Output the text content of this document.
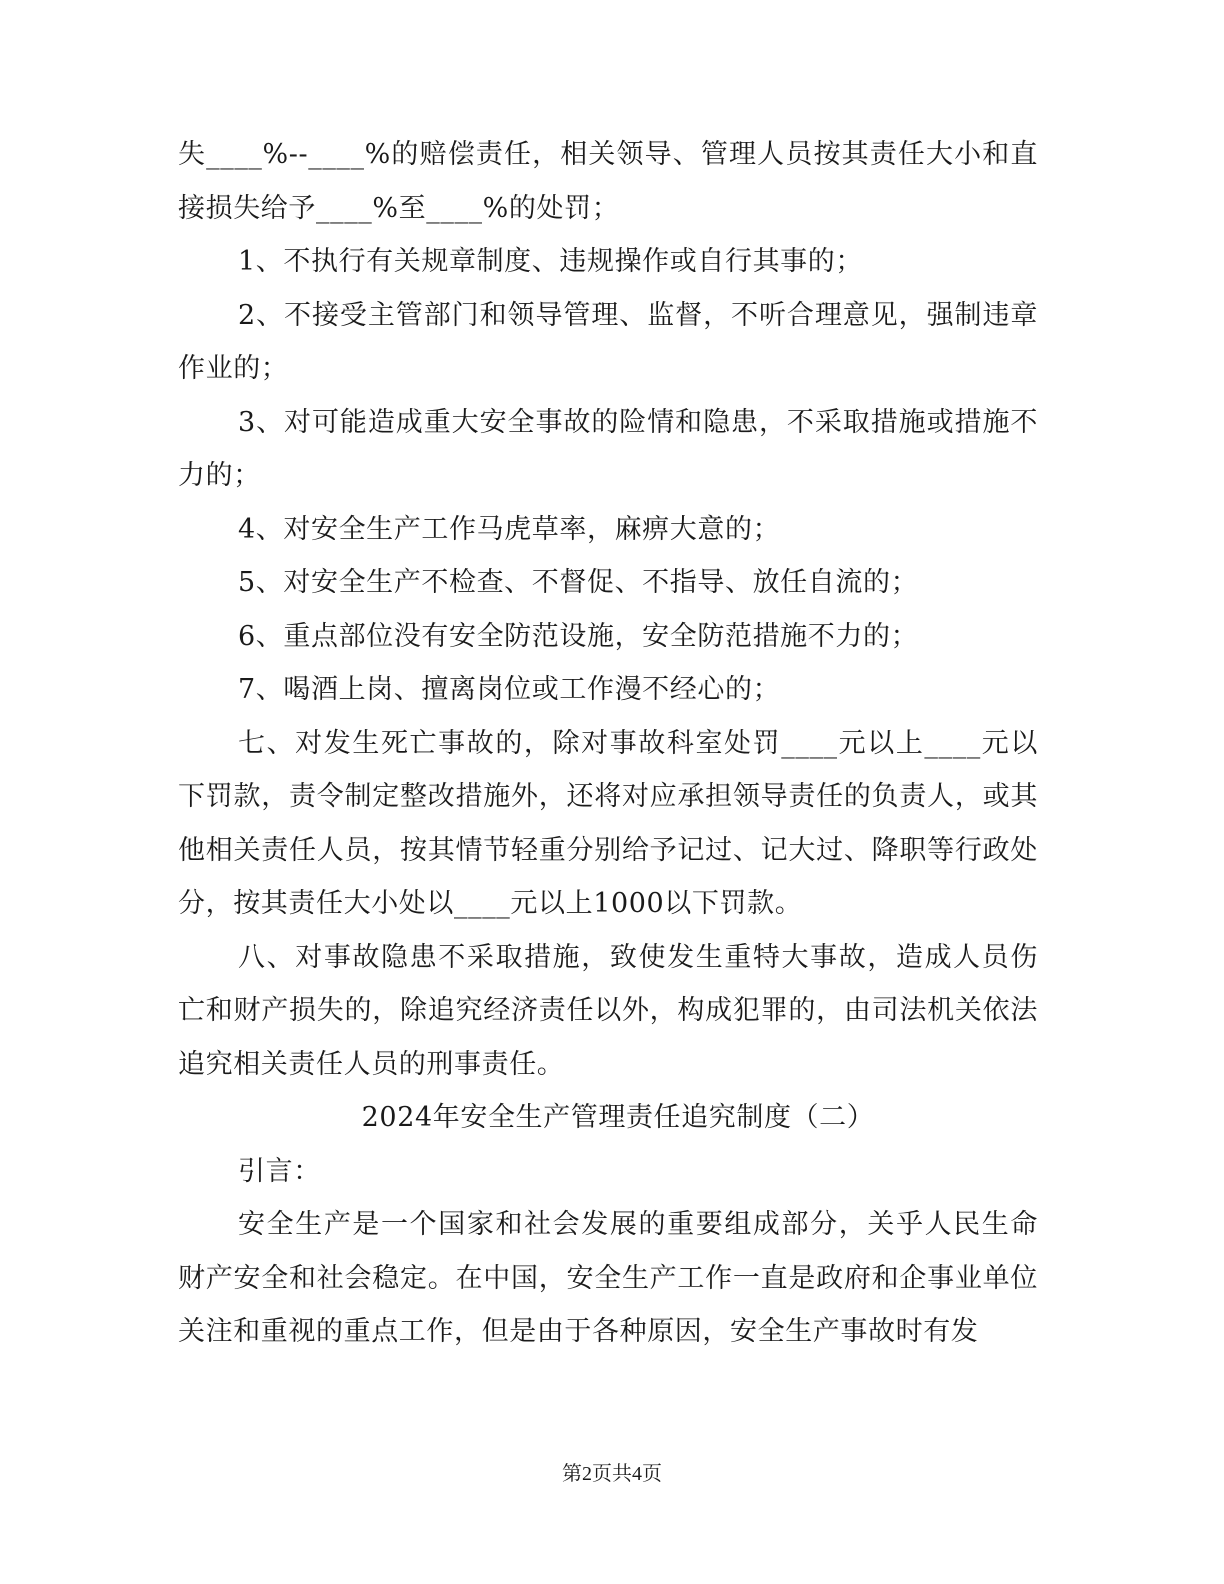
失____%--____%的赔偿责任，相关领导、管理人员按其责任大小和直接损失给予____%至____%的处罚；

1、不执行有关规章制度、违规操作或自行其事的；

2、不接受主管部门和领导管理、监督，不听合理意见，强制违章作业的；

3、对可能造成重大安全事故的险情和隐患，不采取措施或措施不力的；

4、对安全生产工作马虎草率，麻痹大意的；

5、对安全生产不检查、不督促、不指导、放任自流的；

6、重点部位没有安全防范设施，安全防范措施不力的；

7、喝酒上岗、擅离岗位或工作漫不经心的；

七、对发生死亡事故的，除对事故科室处罚____元以上____元以下罚款，责令制定整改措施外，还将对应承担领导责任的负责人，或其他相关责任人员，按其情节轻重分别给予记过、记大过、降职等行政处分，按其责任大小处以____元以上1000以下罚款。

八、对事故隐患不采取措施，致使发生重特大事故，造成人员伤亡和财产损失的，除追究经济责任以外，构成犯罪的，由司法机关依法追究相关责任人员的刑事责任。

2024年安全生产管理责任追究制度（二）

引言：

安全生产是一个国家和社会发展的重要组成部分，关乎人民生命财产安全和社会稳定。在中国，安全生产工作一直是政府和企事业单位关注和重视的重点工作，但是由于各种原因，安全生产事故时有发

第2页共4页
